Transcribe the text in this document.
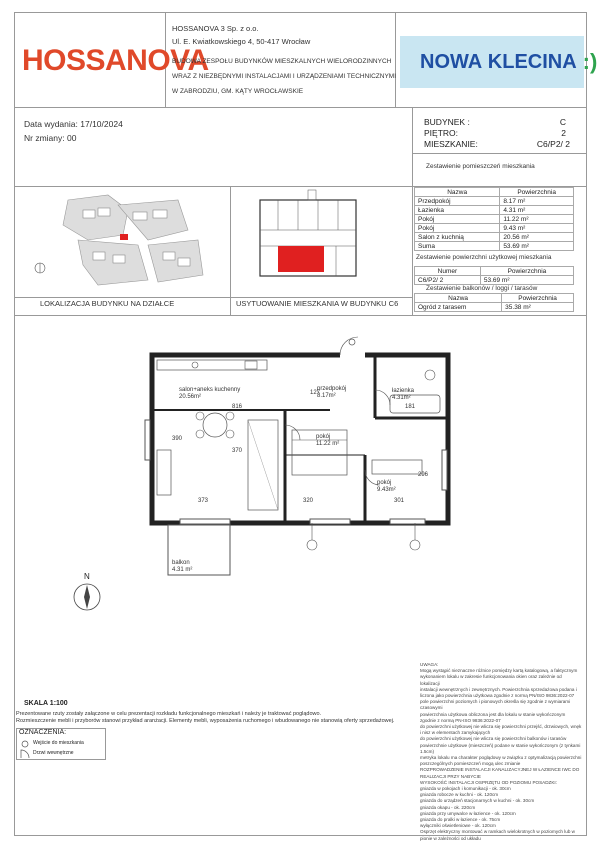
HOSSANOVA
HOSSANOVA 3 Sp. z o.o.
Ul. E. Kwiatkowskiego 4, 50-417 Wrocław
BUDOWA ZESPOŁU BUDYNKÓW MIESZKALNYCH WIELORODZINNYCH
WRAZ Z NIEZBĘDNYMI INSTALACJAMI I URZĄDZENIAMI TECHNICZNYMI
W ZABRODZIU, GM. KĄTY WROCŁAWSKIE
NOWA
KLECINA :)
Data wydania: 17/10/2024
Nr zmiany: 00
BUDYNEK :	C
PIĘTRO:	2
MIESZKANIE:	C6/P2/ 2
Zestawienie pomieszczeń mieszkania
Nazwa	Powierzchnia
Przedpokój	8.17 m²
Łazienka	4.31 m²
Pokój	11.22 m²
Pokój	9.43 m²
Salon z kuchnią	20.56 m²
Suma	53.69 m²
Zestawienie powierzchni użytkowej mieszkania
Numer	Powierzchnia
C6/P2/ 2	53.69 m²
Zestawienie balkonów / loggi / tarasów
Nazwa	Powierzchnia
Ogród z tarasem	35.38 m²
LOKALIZACJA BUDYNKU NA DZIAŁCE	USYTUOWANIE MIESZKANIA W BUDYNKU C6
salon+aneks kuchenny
20.56m²
przedpokój
8.17m²
łazienka
4.31m²
pokój
11.22 m²
pokój
9.43m²
balkon
4.31 m²
816
373	320	301
181
296
390
370
127
N
SKALA 1:100
Prezentowane rzuty zostały załączone w celu prezentacji rozkładu funkcjonalnego mieszkań i należy je traktować poglądowo.
Rozmieszczenie mebli i przyborów stanowi przykład aranżacji. Elementy mebli, wyposażenia ruchomego i wbudowanego nie stanowią oferty sprzedażowej.
OZNACZENIA:
Wejście do mieszkania
Drzwi wewnętrzne
UWAGA:
Mogą wystąpić nieznaczne różnice pomiędzy kartą katalogową, a faktycznym
wykonaniem lokalu w zakresie funkcjonowania okien oraz zależnie od lokalizacji
instalacji wewnętrznych i zewnętrznych. Powierzchnia sprzedażowa podana i
liczona jako powierzchnia użytkowa zgodnie z normą PN/ISO 9836:2022-07
pole powierzchni poziomych i pionowych określa się zgodnie z wymiarami czasowymi
powierzchnia użytkowa obliczona jest dla lokalu w stanie wykończonym
zgodnie z normą PN-ISO 9836:2022-07
do powierzchni użytkowej nie wlicza się powierzchni przejść, drzwiowych, wnęk i nisz w elementach zamykających
do powierzchni użytkowej nie wlicza się powierzchni balkonów i tarasów
powierzchnie użytkowe (mieszczeń) podane w stanie wykończonym (z tynkami 1.5cm)
metryka lokalu ma charakter poglądowy w związku z optymalizacją powierzchni poszczególnych pomieszczeń mogą ulec zmianie
ROZPROWADZENIE INSTALACJI KANALIZACYJNEJ W ŁAZIENCE IWC DO REALIZACJI PRZY NABYCIE
WYSOKOŚĆ INSTALACJI OSPRZĘTU OD POZIOMU POSADZKI:
gniazda w pokojach i komunikacji - ok. 30cm
gniazda robocze w kuchni - ok. 120cm
gniazda do urządzeń stacjonarnych w kuchni - ok. 30cm
gniazda okapu - ok. 220cm
gniazda przy umywalce w łazience - ok. 120cm
gniazda do pralki w łazience - ok. 75cm
wyłączniki oświetleniowe - ok. 120cm
Osprzęt elektryczny montować w ramkach wielokrotnych w poziomych lub w pionie w zależności od układu
